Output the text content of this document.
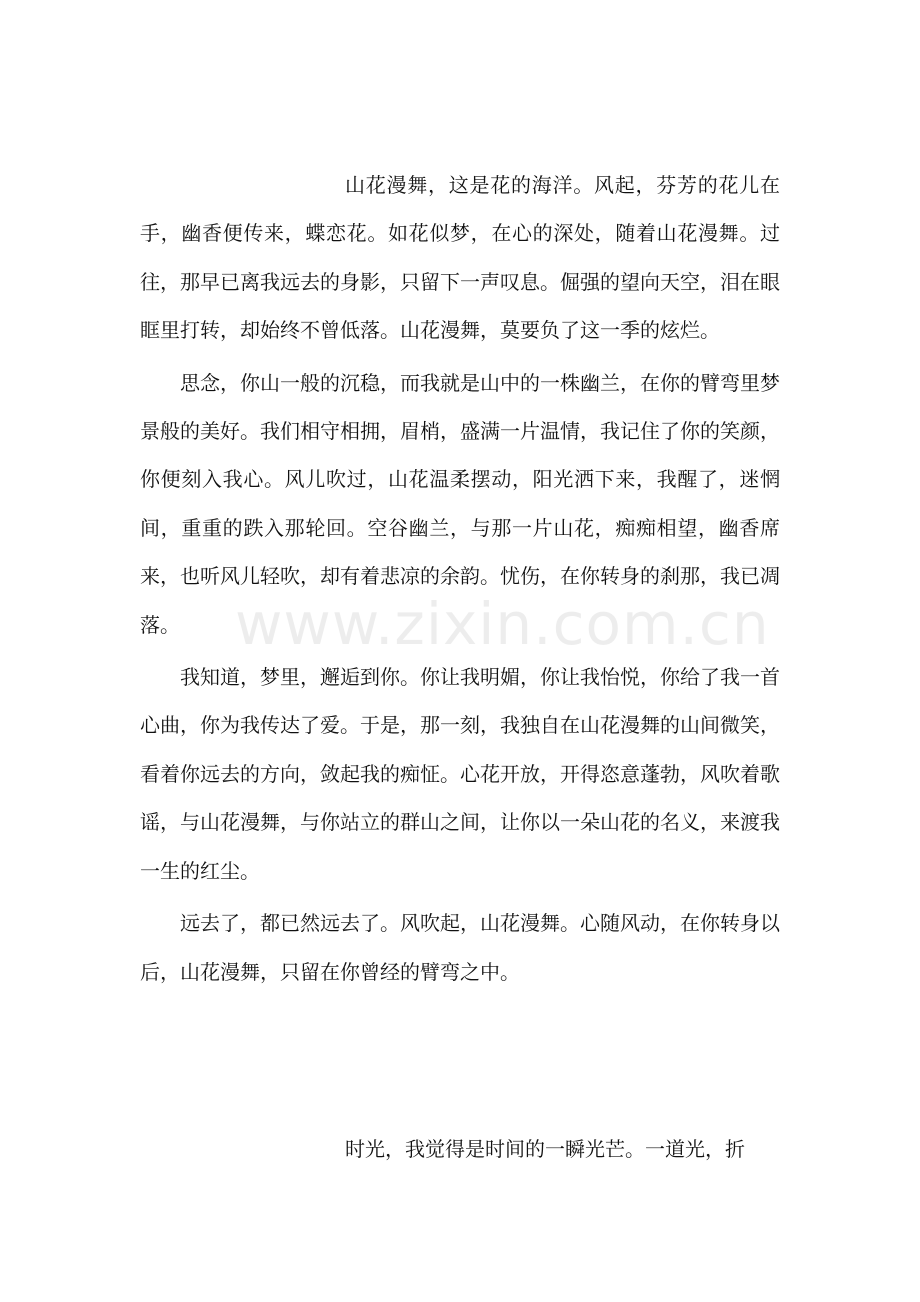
山花漫舞，这是花的海洋。风起，芬芳的花儿在手，幽香便传来，蝶恋花。如花似梦，在心的深处，随着山花漫舞。过往，那早已离我远去的身影，只留下一声叹息。倔强的望向天空，泪在眼眶里打转，却始终不曾低落。山花漫舞，莫要负了这一季的炫烂。

思念，你山一般的沉稳，而我就是山中的一株幽兰，在你的臂弯里梦景般的美好。我们相守相拥，眉梢，盛满一片温情，我记住了你的笑颜，你便刻入我心。风儿吹过，山花温柔摆动，阳光洒下来，我醒了，迷惘间，重重的跌入那轮回。空谷幽兰，与那一片山花，痴痴相望，幽香席来，也听风儿轻吹，却有着悲凉的余韵。忧伤，在你转身的刹那，我已凋落。

我知道，梦里，邂逅到你。你让我明媚，你让我怡悦，你给了我一首心曲，你为我传达了爱。于是，那一刻，我独自在山花漫舞的山间微笑，看着你远去的方向，敛起我的痴怔。心花开放，开得恣意蓬勃，风吹着歌谣，与山花漫舞，与你站立的群山之间，让你以一朵山花的名义，来渡我一生的红尘。

远去了，都已然远去了。风吹起，山花漫舞。心随风动，在你转身以后，山花漫舞，只留在你曾经的臂弯之中。

时光，我觉得是时间的一瞬光芒。一道光，折

www.zixin.com.cn
